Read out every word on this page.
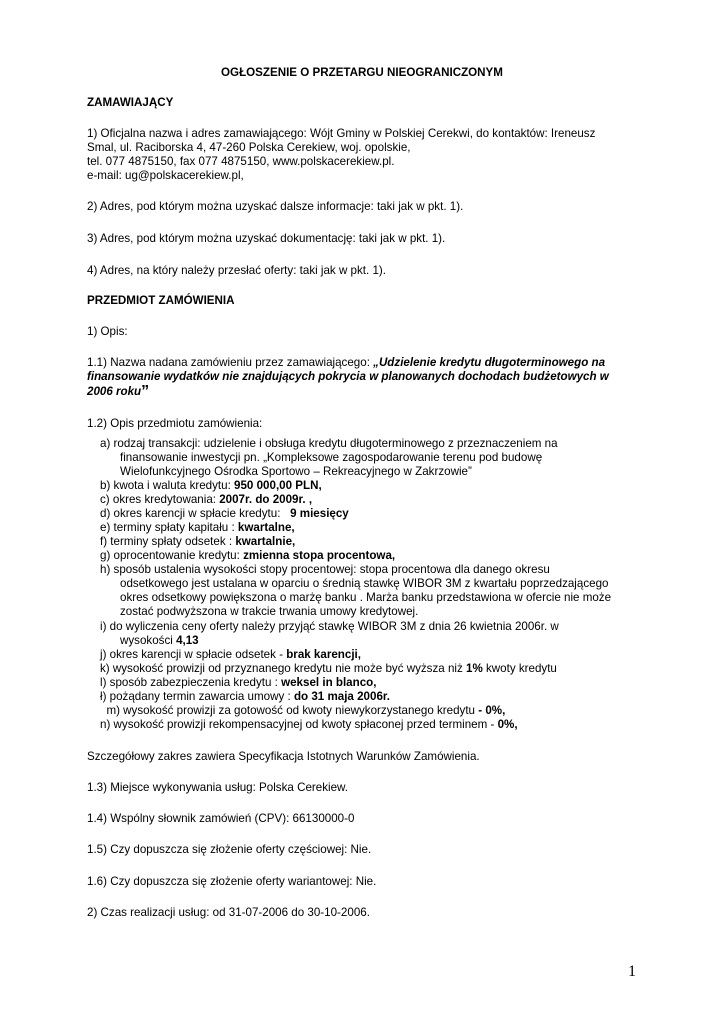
OGŁOSZENIE O PRZETARGU NIEOGRANICZONYM
ZAMAWIAJĄCY
1) Oficjalna nazwa i adres zamawiającego: Wójt Gminy w Polskiej Cerekwi, do kontaktów: Ireneusz
Smal, ul. Raciborska 4, 47-260 Polska Cerekiew, woj. opolskie,
tel. 077 4875150, fax 077 4875150, www.polskacerekiew.pl.
e-mail: ug@polskacerekiew.pl,
2) Adres, pod którym można uzyskać dalsze informacje: taki jak w pkt. 1).
3) Adres, pod którym można uzyskać dokumentację: taki jak w pkt. 1).
4) Adres, na który należy przesłać oferty: taki jak w pkt. 1).
PRZEDMIOT ZAMÓWIENIA
1) Opis:
1.1) Nazwa nadana zamówieniu przez zamawiającego: „Udzielenie kredytu długoterminowego na
finansowanie wydatków nie znajdujących pokrycia w planowanych dochodach budżetowych w
2006 roku”
1.2) Opis przedmiotu zamówienia:
a) rodzaj transakcji: udzielenie i obsługa kredytu długoterminowego z przeznaczeniem na
finansowanie inwestycji pn. „Kompleksowe zagospodarowanie terenu pod budowę
Wielofunkcyjnego Ośrodka Sportowo – Rekreacyjnego w Zakrzowie”
b) kwota i waluta kredytu: 950 000,00 PLN,
c) okres kredytowania: 2007r. do 2009r. ,
d) okres karencji w spłacie kredytu:   9 miesięcy
e) terminy spłaty kapitału : kwartalne,
f) terminy spłaty odsetek : kwartalnie,
g) oprocentowanie kredytu: zmienna stopa procentowa,
h) sposób ustalenia wysokości stopy procentowej: stopa procentowa dla danego okresu
odsetkowego jest ustalana w oparciu o średnią stawkę WIBOR 3M z kwartału poprzedzającego
okres odsetkowy powiększona o marżę banku . Marża banku przedstawiona w ofercie nie może
zostać podwyższona w trakcie trwania umowy kredytowej.
i) do wyliczenia ceny oferty należy przyjąć stawkę WIBOR 3M z dnia 26 kwietnia 2006r. w
wysokości 4,13
j) okres karencji w spłacie odsetek - brak karencji,
k) wysokość prowizji od przyznanego kredytu nie może być wyższa niż 1% kwoty kredytu
l) sposób zabezpieczenia kredytu : weksel in blanco,
ł) pożądany termin zawarcia umowy : do 31 maja 2006r.
m) wysokość prowizji za gotowość od kwoty niewykorzystanego kredytu - 0%,
n) wysokość prowizji rekompensacyjnej od kwoty spłaconej przed terminem - 0%,
Szczegółowy zakres zawiera Specyfikacja Istotnych Warunków Zamówienia.
1.3) Miejsce wykonywania usług: Polska Cerekiew.
1.4) Wspólny słownik zamówień (CPV): 66130000-0
1.5) Czy dopuszcza się złożenie oferty częściowej: Nie.
1.6) Czy dopuszcza się złożenie oferty wariantowej: Nie.
2) Czas realizacji usług: od 31-07-2006 do 30-10-2006.
1
